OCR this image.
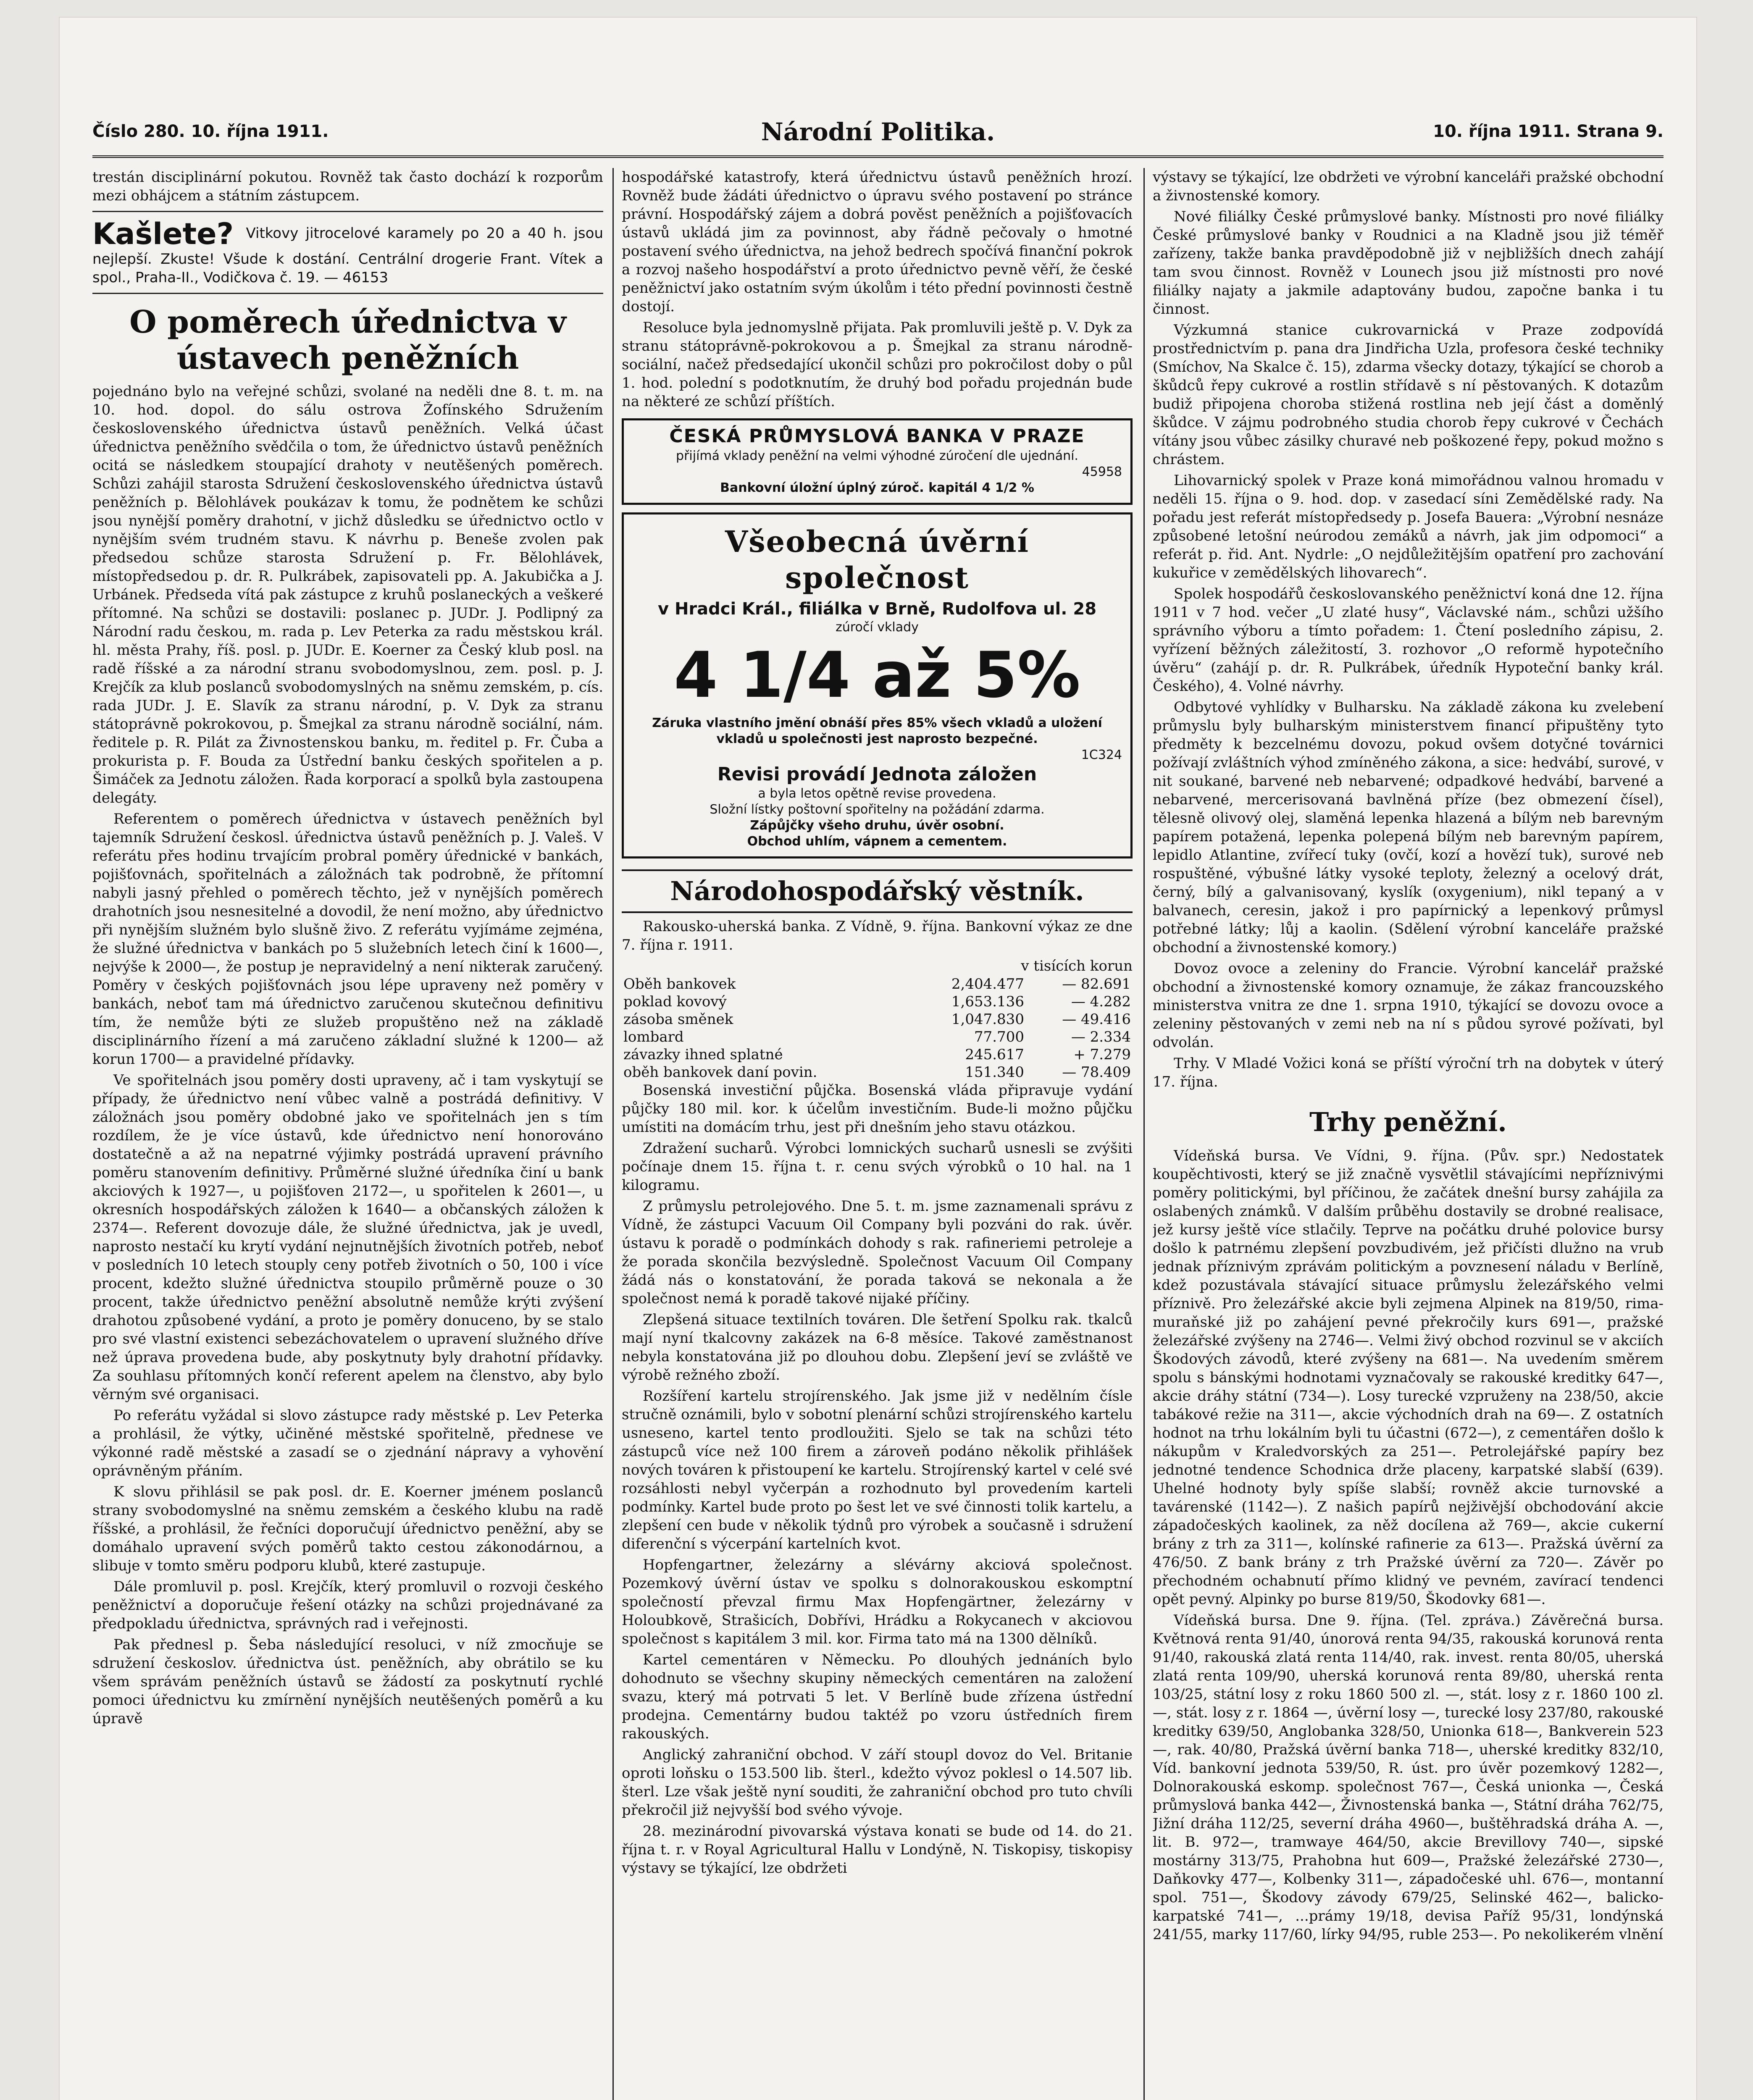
Číslo 280. 10. října 1911.	Národní Politika.	10. října 1911. Strana 9.

trestán disciplinární pokutou. Rovněž tak často dochází k rozporům mezi obhájcem a státním zástupcem.

Kašlete? Vitkovy jitrocelové karamely po 20 a 40 h. jsou nejlepší. Zkuste! Všude k dostání. Centrální drogerie Frant. Vítek a spol., Praha-II., Vodičkova č. 19. — 46153
O poměrech úřednictva v ústavech peněžních

pojednáno bylo na veřejné schůzi, svolané na neděli dne 8. t. m. na 10. hod. dopol. do sálu ostrova Žofínského Sdružením československého úřednictva ústavů peněžních. Velká účast úřednictva peněžního svědčila o tom, že úřednictvo ústavů peněžních ocitá se následkem stoupající drahoty v neutěšených poměrech. Schůzi zahájil starosta Sdružení československého úřednictva ústavů peněžních p. Bělohlávek poukázav k tomu, že podnětem ke schůzi jsou nynější poměry drahotní, v jichž důsledku se úřednictvo octlo v nynějším svém trudném stavu. K návrhu p. Beneše zvolen pak předsedou schůze starosta Sdružení p. Fr. Bělohlávek, místopředsedou p. dr. R. Pulkrábek, zapisovateli pp. A. Jakubička a J. Urbánek. Předseda vítá pak zástupce z kruhů poslaneckých a veškeré přítomné. Na schůzi se dostavili: poslanec p. JUDr. J. Podlipný za Národní radu českou, m. rada p. Lev Peterka za radu městskou král. hl. města Prahy, říš. posl. p. JUDr. E. Koerner za Český klub posl. na radě říšské a za národní stranu svobodomyslnou, zem. posl. p. J. Krejčík za klub poslanců svobodomyslných na sněmu zemském, p. cís. rada JUDr. J. E. Slavík za stranu národní, p. V. Dyk za stranu státoprávně pokrokovou, p. Šmejkal za stranu národně sociální, nám. ředitele p. R. Pilát za Živnostenskou banku, m. ředitel p. Fr. Čuba a prokurista p. F. Bouda za Ústřední banku českých spořitelen a p. Šimáček za Jednotu záložen. Řada korporací a spolků byla zastoupena delegáty.

Referentem o poměrech úřednictva v ústavech peněžních byl tajemník Sdružení českosl. úřednictva ústavů peněžních p. J. Valeš. V referátu přes hodinu trvajícím probral poměry úřednické v bankách, pojišťovnách, spořitelnách a záložnách tak podrobně, že přítomní nabyli jasný přehled o poměrech těchto, jež v nynějších poměrech drahotních jsou nesnesitelné a dovodil, že není možno, aby úřednictvo při nynějším služném bylo slušně živo. Z referátu vyjímáme zejména, že služné úřednictva v bankách po 5 služebních letech činí k 1600—, nejvýše k 2000—, že postup je nepravidelný a není nikterak zaručený. Poměry v českých pojišťovnách jsou lépe upraveny než poměry v bankách, neboť tam má úřednictvo zaručenou skutečnou definitivu tím, že nemůže býti ze služeb propuštěno než na základě disciplinárního řízení a má zaručeno základní služné k 1200— až korun 1700— a pravidelné přídavky.

Ve spořitelnách jsou poměry dosti upraveny, ač i tam vyskytují se případy, že úřednictvo není vůbec valně a postrádá definitivy. V záložnách jsou poměry obdobné jako ve spořitelnách jen s tím rozdílem, že je více ústavů, kde úřednictvo není honorováno dostatečně a až na nepatrné výjimky postrádá upravení právního poměru stanovením definitivy. Průměrné služné úředníka činí u bank akciových k 1927—, u pojišťoven 2172—, u spořitelen k 2601—, u okresních hospodářských záložen k 1640— a občanských záložen k 2374—. Referent dovozuje dále, že služné úřednictva, jak je uvedl, naprosto nestačí ku krytí vydání nejnutnějších životních potřeb, neboť v posledních 10 letech stouply ceny potřeb životních o 50, 100 i více procent, kdežto služné úřednictva stoupilo průměrně pouze o 30 procent, takže úřednictvo peněžní absolutně nemůže krýti zvýšení drahotou způsobené vydání, a proto je poměry donuceno, by se stalo pro své vlastní existenci sebezáchovatelem o upravení služného dříve než úprava provedena bude, aby poskytnuty byly drahotní přídavky. Za souhlasu přítomných končí referent apelem na členstvo, aby bylo věrným své organisaci.

Po referátu vyžádal si slovo zástupce rady městské p. Lev Peterka a prohlásil, že výtky, učiněné městské spořitelně, přednese ve výkonné radě městské a zasadí se o zjednání nápravy a vyhovění oprávněným přáním.

K slovu přihlásil se pak posl. dr. E. Koerner jménem poslanců strany svobodomyslné na sněmu zemském a českého klubu na radě říšské, a prohlásil, že řečníci doporučují úřednictvo peněžní, aby se domáhalo upravení svých poměrů takto cestou zákonodárnou, a slibuje v tomto směru podporu klubů, které zastupuje.

Dále promluvil p. posl. Krejčík, který promluvil o rozvoji českého peněžnictví a doporučuje řešení otázky na schůzi projednávané za předpokladu úřednictva, správných rad i veřejnosti.

Pak přednesl p. Šeba následující resoluci, v níž zmocňuje se sdružení českoslov. úřednictva úst. peněžních, aby obrátilo se ku všem správám peněžních ústavů se žádostí za poskytnutí rychlé pomoci úřednictvu ku zmírnění nynějších neutěšených poměrů a ku úpravě

hospodářské katastrofy, která úřednictvu ústavů peněžních hrozí. Rovněž bude žádáti úřednictvo o úpravu svého postavení po stránce právní. Hospodářský zájem a dobrá pověst peněžních a pojišťovacích ústavů ukládá jim za povinnost, aby řádně pečovaly o hmotné postavení svého úřednictva, na jehož bedrech spočívá finanční pokrok a rozvoj našeho hospodářství a proto úřednictvo pevně věří, že české peněžnictví jako ostatním svým úkolům i této přední povinnosti čestně dostojí.

Resoluce byla jednomyslně přijata. Pak promluvili ještě p. V. Dyk za stranu státoprávně-pokrokovou a p. Šmejkal za stranu národně-sociální, načež předsedající ukončil schůzi pro pokročilost doby o půl 1. hod. polední s podotknutím, že druhý bod pořadu projednán bude na některé ze schůzí příštích.

ČESKÁ PRŮMYSLOVÁ BANKA V PRAZE
přijímá vklady peněžní na velmi výhodné zúročení dle ujednání.
45958
Bankovní úložní úplný zúroč. kapitál 4 1/2 %
Všeobecná úvěrní společnost
v Hradci Král., filiálka v Brně, Rudolfova ul. 28
zúročí vklady
4 1/4 až 5%
Záruka vlastního jmění obnáší přes 85% všech vkladů a uložení vkladů u společnosti jest naprosto bezpečné.
1C324
Revisi provádí Jednota záložen
a byla letos opětně revise provedena.
Složní lístky poštovní spořitelny na požádání zdarma.
Zápůjčky všeho druhu, úvěr osobní.
Obchod uhlím, vápnem a cementem.
Národohospodářský věstník.

Rakousko-uherská banka. Z Vídně, 9. října. Bankovní výkaz ze dne 7. října r. 1911.

v tisících korun
Oběh bankovek	2,404.477	— 82.691
poklad kovový	1,653.136	— 4.282
zásoba směnek	1,047.830	— 49.416
lombard	77.700	— 2.334
závazky ihned splatné	245.617	+ 7.279
oběh bankovek daní povin.	151.340	— 78.409

Bosenská investiční půjčka. Bosenská vláda připravuje vydání půjčky 180 mil. kor. k účelům investičním. Bude-li možno půjčku umístiti na domácím trhu, jest při dnešním jeho stavu otázkou.

Zdražení sucharů. Výrobci lomnických sucharů usnesli se zvýšiti počínaje dnem 15. října t. r. cenu svých výrobků o 10 hal. na 1 kilogramu.

Z průmyslu petrolejového. Dne 5. t. m. jsme zaznamenali správu z Vídně, že zástupci Vacuum Oil Company byli pozváni do rak. úvěr. ústavu k poradě o podmínkách dohody s rak. rafineriemi petroleje a že porada skončila bezvýsledně. Společnost Vacuum Oil Company žádá nás o konstatování, že porada taková se nekonala a že společnost nemá k poradě takové nijaké příčiny.

Zlepšená situace textilních továren. Dle šetření Spolku rak. tkalců mají nyní tkalcovny zakázek na 6-8 měsíce. Takové zaměstnanost nebyla konstatována již po dlouhou dobu. Zlepšení jeví se zvláště ve výrobě režného zboží.

Rozšíření kartelu strojírenského. Jak jsme již v nedělním čísle stručně oznámili, bylo v sobotní plenární schůzi strojírenského kartelu usneseno, kartel tento prodloužiti. Sjelo se tak na schůzi této zástupců více než 100 firem a zároveň podáno několik přihlášek nových továren k přistoupení ke kartelu. Strojírenský kartel v celé své rozsáhlosti nebyl vyčerpán a rozhodnuto byl provedením karteli podmínky. Kartel bude proto po šest let ve své činnosti tolik kartelu, a zlepšení cen bude v několik týdnů pro výrobek a současně i sdružení diferenční s výcerpání kartelních kvot.

Hopfengartner, železárny a slévárny akciová společnost. Pozemkový úvěrní ústav ve spolku s dolnorakouskou eskomptní společností převzal firmu Max Hopfengärtner, železárny v Holoubkově, Strašicích, Dobřívi, Hrádku a Rokycanech v akciovou společnost s kapitálem 3 mil. kor. Firma tato má na 1300 dělníků.

Kartel cementáren v Německu. Po dlouhých jednáních bylo dohodnuto se všechny skupiny německých cementáren na založení svazu, který má potrvati 5 let. V Berlíně bude zřízena ústřední prodejna. Cementárny budou taktéž po vzoru ústředních firem rakouských.

Anglický zahraniční obchod. V září stoupl dovoz do Vel. Britanie oproti loňsku o 153.500 lib. šterl., kdežto vývoz poklesl o 14.507 lib. šterl. Lze však ještě nyní souditi, že zahraniční obchod pro tuto chvíli překročil již nejvyšší bod svého vývoje.

28. mezinárodní pivovarská výstava konati se bude od 14. do 21. října t. r. v Royal Agricultural Hallu v Londýně, N. Tiskopisy, tiskopisy výstavy se týkající, lze obdržeti

výstavy se týkající, lze obdržeti ve výrobní kanceláři pražské obchodní a živnostenské komory.

Nové filiálky České průmyslové banky. Místnosti pro nové filiálky České průmyslové banky v Roudnici a na Kladně jsou již téměř zařízeny, takže banka pravděpodobně již v nejbližších dnech zahájí tam svou činnost. Rovněž v Lounech jsou již místnosti pro nové filiálky najaty a jakmile adaptovány budou, započne banka i tu činnost.

Výzkumná stanice cukrovarnická v Praze zodpovídá prostřednictvím p. pana dra Jindřicha Uzla, profesora české techniky (Smíchov, Na Skalce č. 15), zdarma všecky dotazy, týkající se chorob a škůdců řepy cukrové a rostlin střídavě s ní pěstovaných. K dotazům budiž připojena choroba stižená rostlina neb její část a doměnlý škůdce. V zájmu podrobného studia chorob řepy cukrové v Čechách vítány jsou vůbec zásilky churavé neb poškozené řepy, pokud možno s chrástem.

Lihovarnický spolek v Praze koná mimořádnou valnou hromadu v neděli 15. října o 9. hod. dop. v zasedací síni Zemědělské rady. Na pořadu jest referát místopředsedy p. Josefa Bauera: „Výrobní nesnáze způsobené letošní neúrodou zemáků a návrh, jak jim odpomoci“ a referát p. řid. Ant. Nydrle: „O nejdůležitějším opatření pro zachování kukuřice v zemědělských lihovarech“.

Spolek hospodářů českoslovanského peněžnictví koná dne 12. října 1911 v 7 hod. večer „U zlaté husy“, Václavské nám., schůzi užšího správního výboru a tímto pořadem: 1. Čtení posledního zápisu, 2. vyřízení běžných záležitostí, 3. rozhovor „O reformě hypotečního úvěru“ (zahájí p. dr. R. Pulkrábek, úředník Hypoteční banky král. Českého), 4. Volné návrhy.

Odbytové vyhlídky v Bulharsku. Na základě zákona ku zvelebení průmyslu byly bulharským ministerstvem financí připuštěny tyto předměty k bezcelnému dovozu, pokud ovšem dotyčné továrnici požívají zvláštních výhod zmíněného zákona, a sice: hedvábí, surové, v nit soukané, barvené neb nebarvené; odpadkové hedvábí, barvené a nebarvené, mercerisovaná bavlněná příze (bez obmezení čísel), tělesně olivový olej, slaměná lepenka hlazená a bílým neb barevným papírem potažená, lepenka polepená bílým neb barevným papírem, lepidlo Atlantine, zvířecí tuky (ovčí, kozí a hovězí tuk), surové neb rospuštěné, výbušné látky vysoké teploty, železný a ocelový drát, černý, bílý a galvanisovaný, kyslík (oxygenium), nikl tepaný a v balvanech, ceresin, jakož i pro papírnický a lepenkový průmysl potřebné látky; lůj a kaolin. (Sdělení výrobní kanceláře pražské obchodní a živnostenské komory.)

Dovoz ovoce a zeleniny do Francie. Výrobní kancelář pražské obchodní a živnostenské komory oznamuje, že zákaz francouzského ministerstva vnitra ze dne 1. srpna 1910, týkající se dovozu ovoce a zeleniny pěstovaných v zemi neb na ní s půdou syrové požívati, byl odvolán.

Trhy. V Mladé Vožici koná se příští výroční trh na dobytek v úterý 17. října.

Trhy peněžní.

Vídeňská bursa. Ve Vídni, 9. října. (Pův. spr.) Nedostatek koupěchtivosti, který se již značně vysvětlil stávajícími nepříznivými poměry politickými, byl příčinou, že začátek dnešní bursy zahájila za oslabených známků. V dalším průběhu dostavily se drobné realisace, jež kursy ještě více stlačily. Teprve na počátku druhé polovice bursy došlo k patrnému zlepšení povzbudivém, jež přičísti dlužno na vrub jednak příznivým zprávám politickým a povznesení náladu v Berlíně, kdež pozustávala stávající situace průmyslu železářského velmi příznivě. Pro železářské akcie byli zejmena Alpinek na 819/50, rima-muraňské již po zahájení pevné překročily kurs 691—, pražské železářské zvýšeny na 2746—. Velmi živý obchod rozvinul se v akciích Škodových závodů, které zvýšeny na 681—. Na uvedením směrem spolu s bánskými hodnotami vyznačovaly se rakouské kreditky 647—, akcie dráhy státní (734—). Losy turecké vzpruženy na 238/50, akcie tabákové režie na 311—, akcie východních drah na 69—. Z ostatních hodnot na trhu lokálním byli tu účastni (672—), z cementářen došlo k nákupům v Kraledvorských za 251—. Petrolejářské papíry bez jednotné tendence Schodnica drže placeny, karpatské slabší (639). Uhelné hodnoty byly spíše slabší; rovněž akcie turnovské a tavárenské (1142—). Z našich papírů nejživější obchodování akcie západočeských kaolinek, za něž docílena až 769—, akcie cukerní brány z trh za 311—, kolínské rafinerie za 613—. Pražská úvěrní za 476/50. Z bank brány z trh Pražské úvěrní za 720—. Závěr po přechodném ochabnutí přímo klidný ve pevném, zavírací tendenci opět pevný. Alpinky po burse 819/50, Škodovky 681—.

Vídeňská bursa. Dne 9. října. (Tel. zpráva.) Závěrečná bursa. Květnová renta 91/40, únorová renta 94/35, rakouská korunová renta 91/40, rakouská zlatá renta 114/40, rak. invest. renta 80/05, uherská zlatá renta 109/90, uherská korunová renta 89/80, uherská renta 103/25, státní losy z roku 1860 500 zl. —, stát. losy z r. 1860 100 zl. —, stát. losy z r. 1864 —, úvěrní losy —, turecké losy 237/80, rakouské kreditky 639/50, Anglobanka 328/50, Unionka 618—, Bankverein 523—, rak. 40/80, Pražská úvěrní banka 718—, uherské kreditky 832/10, Víd. bankovní jednota 539/50, R. úst. pro úvěr pozemkový 1282—, Dolnorakouská eskomp. společnost 767—, Česká unionka —, Česká průmyslová banka 442—, Živnostenská banka —, Státní dráha 762/75, Jižní dráha 112/25, severní dráha 4960—, buštěhradská dráha A. —, lit. B. 972—, tramwaye 464/50, akcie Brevillovy 740—, sipské mostárny 313/75, Prahobna hut 609—, Pražské železářské 2730—, Daňkovky 477—, Kolbenky 311—, západočeské uhl. 676—, montanní spol. 751—, Škodovy závody 679/25, Selinské 462—, balicko-karpatské 741—, ...prámy 19/18, devisa Paříž 95/31, londýnská 241/55, marky 117/60, lírky 94/95, ruble 253—. Po nekolikerém vlnění
